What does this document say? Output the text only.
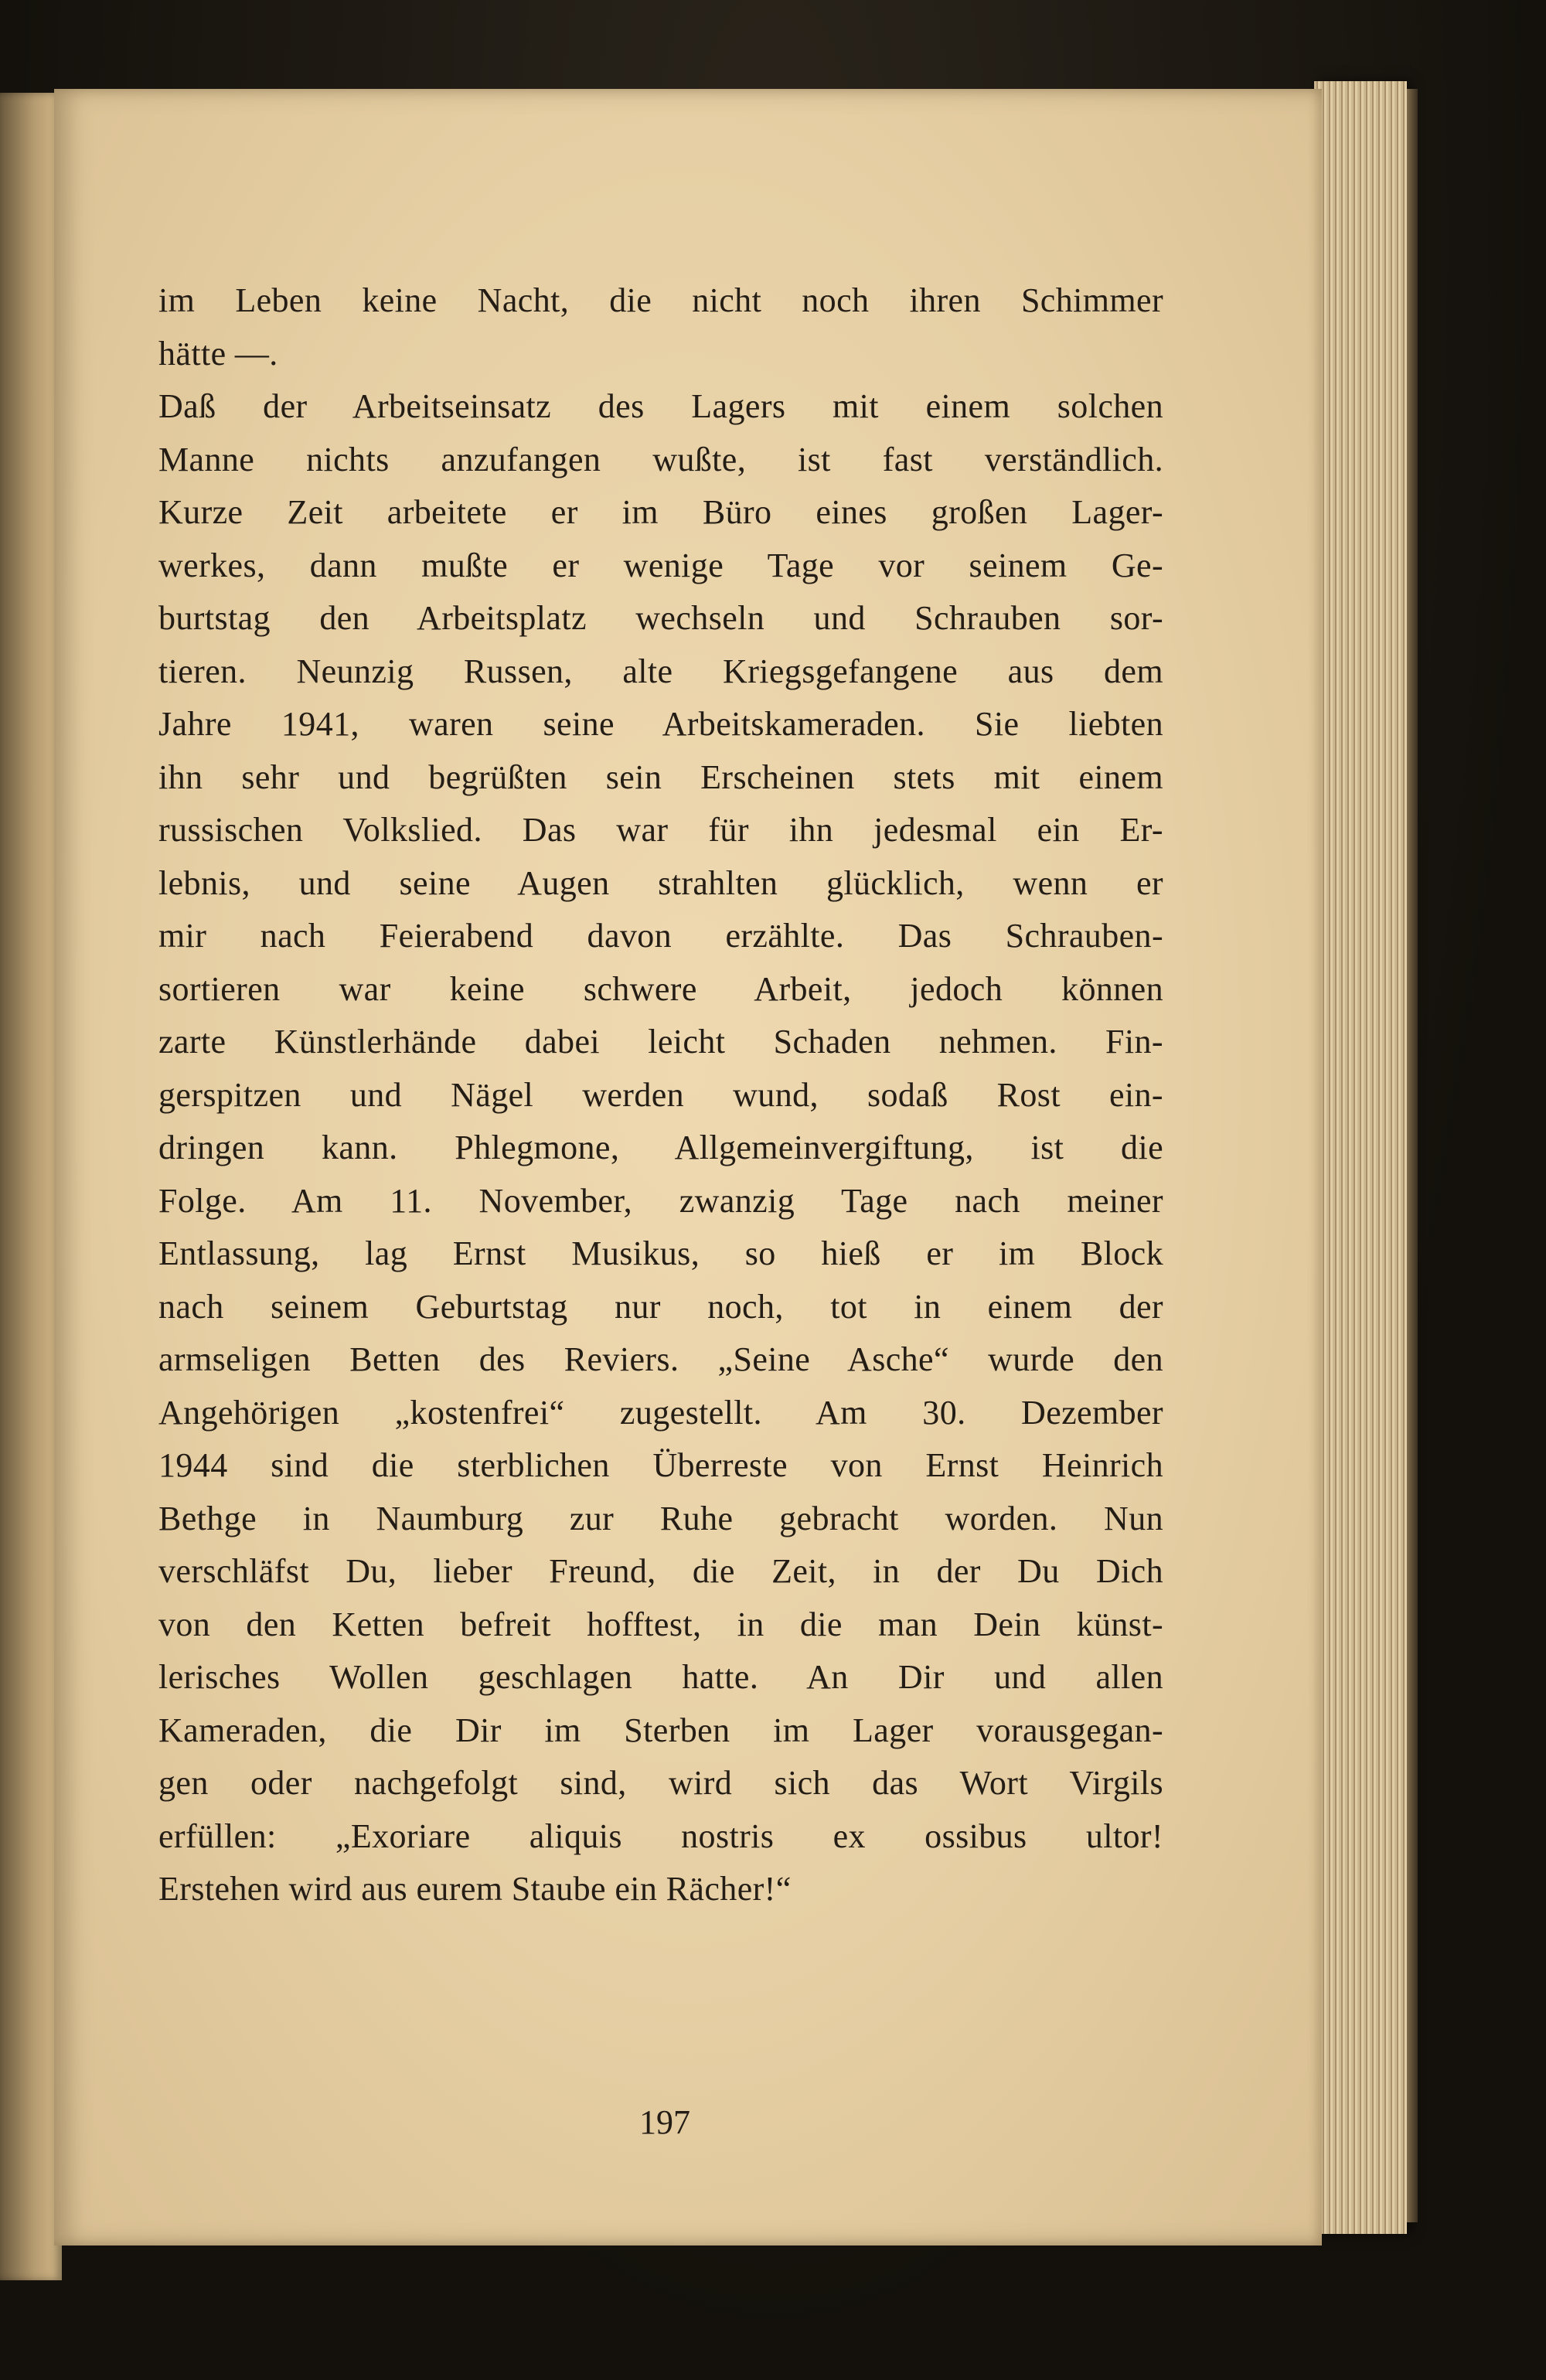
im Leben keine Nacht, die nicht noch ihren Schimmer
hätte —.
Daß der Arbeitseinsatz des Lagers mit einem solchen
Manne nichts anzufangen wußte, ist fast verständlich.
Kurze Zeit arbeitete er im Büro eines großen Lager-
werkes, dann mußte er wenige Tage vor seinem Ge-
burtstag den Arbeitsplatz wechseln und Schrauben sor-
tieren. Neunzig Russen, alte Kriegsgefangene aus dem
Jahre 1941, waren seine Arbeitskameraden. Sie liebten
ihn sehr und begrüßten sein Erscheinen stets mit einem
russischen Volkslied. Das war für ihn jedesmal ein Er-
lebnis, und seine Augen strahlten glücklich, wenn er
mir nach Feierabend davon erzählte. Das Schrauben-
sortieren war keine schwere Arbeit, jedoch können
zarte Künstlerhände dabei leicht Schaden nehmen. Fin-
gerspitzen und Nägel werden wund, sodaß Rost ein-
dringen kann. Phlegmone, Allgemeinvergiftung, ist die
Folge. Am 11. November, zwanzig Tage nach meiner
Entlassung, lag Ernst Musikus, so hieß er im Block
nach seinem Geburtstag nur noch, tot in einem der
armseligen Betten des Reviers. „Seine Asche“ wurde den
Angehörigen „kostenfrei“ zugestellt. Am 30. Dezember
1944 sind die sterblichen Überreste von Ernst Heinrich
Bethge in Naumburg zur Ruhe gebracht worden. Nun
verschläfst Du, lieber Freund, die Zeit, in der Du Dich
von den Ketten befreit hofftest, in die man Dein künst-
lerisches Wollen geschlagen hatte. An Dir und allen
Kameraden, die Dir im Sterben im Lager vorausgegan-
gen oder nachgefolgt sind, wird sich das Wort Virgils
erfüllen: „Exoriare aliquis nostris ex ossibus ultor!
Erstehen wird aus eurem Staube ein Rächer!“
197
